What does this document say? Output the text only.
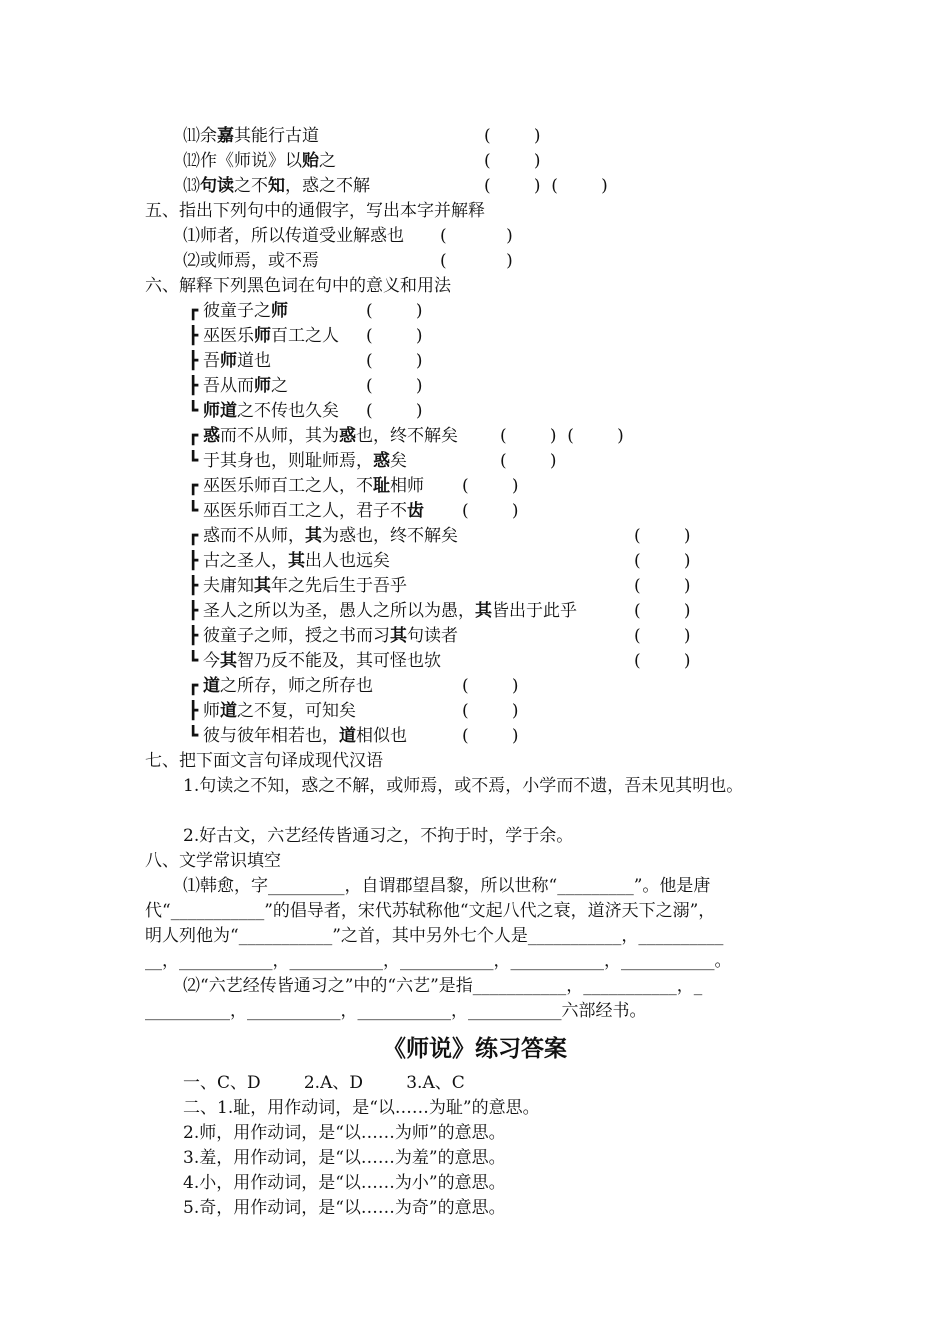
⑾余嘉其能行古道	(        )
⑿作《师说》以贻之	(        )
⒀句读之不知，惑之不解	(        )  (        )
五、指出下列句中的通假字，写出本字并解释
⑴师者，所以传道受业解惑也 (           )
⑵或师焉，或不焉	(           )
六、解释下列黑色词在句中的意义和用法
┏ 彼童子之师	(        )
┣ 巫医乐师百工之人 (        )
┣ 吾师道也	(        )
┣ 吾从而师之	(        )
┗ 师道之不传也久矣 (        )
┏ 惑而不从师，其为惑也，终不解矣 (        )  (        )
┗ 于其身也，则耻师焉，惑矣	(        )
┏ 巫医乐师百工之人，不耻相师 (        )
┗ 巫医乐师百工之人，君子不齿 (        )
┏ 惑而不从师，其为惑也，终不解矣	(        )
┣ 古之圣人，其出人也远矣	(        )
┣ 夫庸知其年之先后生于吾乎	(        )
┣ 圣人之所以为圣，愚人之所以为愚，其皆出于此乎	(        )
┣ 彼童子之师，授之书而习其句读者	(        )
┗ 今其智乃反不能及，其可怪也欤	(        )
┏ 道之所存，师之所存也	(        )
┣ 师道之不复，可知矣	(        )
┗ 彼与彼年相若也，道相似也	(        )
七、把下面文言句译成现代汉语
1.句读之不知，惑之不解，或师焉，或不焉，小学而不遗，吾未见其明也。
2.好古文，六艺经传皆通习之，不拘于时，学于余。
八、文学常识填空
⑴韩愈，字_________，自谓郡望昌黎，所以世称“_________”。他是唐
代“___________”的倡导者，宋代苏轼称他“文起八代之衰，道济天下之溺”，
明人列他为“___________”之首，其中另外七个人是___________，__________
__，___________，___________，___________，___________，___________。
⑵“六艺经传皆通习之”中的“六艺”是指___________，___________，_
__________，___________，___________，___________六部经书。
一、C、D        2.A、D        3.A、C
二、1.耻，用作动词，是“以……为耻”的意思。
2.师，用作动词，是“以……为师”的意思。
3.羞，用作动词，是“以……为羞”的意思。
4.小，用作动词，是“以……为小”的意思。
5.奇，用作动词，是“以……为奇”的意思。
《师说》练习答案
